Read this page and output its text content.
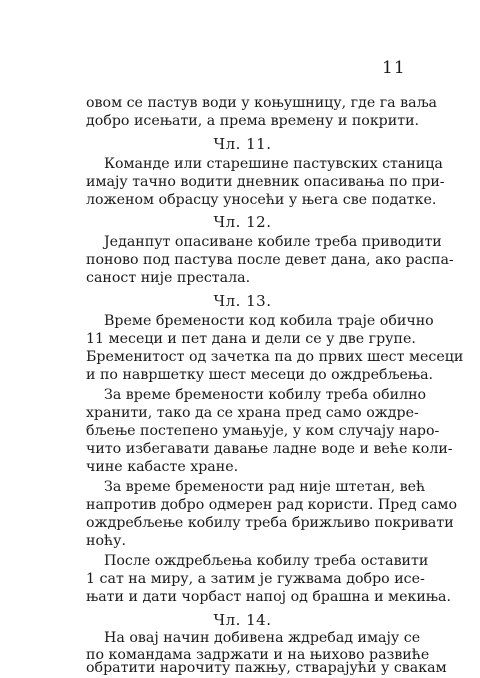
11
овом се пастув води у коњушницу, где га ваља
добро исењати, а према времену и покрити.
Чл. 11.
Команде или старешине пастувских станица
имају тачно водити дневник опасивања по при-
ложеном обрасцу уносећи у њега све податке.
Чл. 12.
Једанпут опасиване кобиле треба приводити
поново под пастува после девет дана, ако распа-
саност није престала.
Чл. 13.
Време бремености код кобила траје обично
11 месеци и пет дана и дели се у две групе.
Бременитост од зачетка па до првих шест месеци
и по навршетку шест месеци до ождребљења.
За време бремености кобилу треба обилно
хранити, тако да се храна пред само ождре-
бљење постепено умањује, у ком случају наро-
чито избегавати давање ладне воде и веће коли-
чине кабасте хране.
За време бремености рад није штетан, већ
напротив добро одмерен рад користи. Пред само
ождребљење кобилу треба брижљиво покривати
ноћу.
После ождребљења кобилу треба оставити
1 сат на миру, а затим је гужвама добро исе-
њати и дати чорбаст напој од брашна и мекиња.
Чл. 14.
На овај начин добивена ждребад имају се
по командама задржати и на њихово развиће
обратити нарочиту пажњу, стварајући у свакам
